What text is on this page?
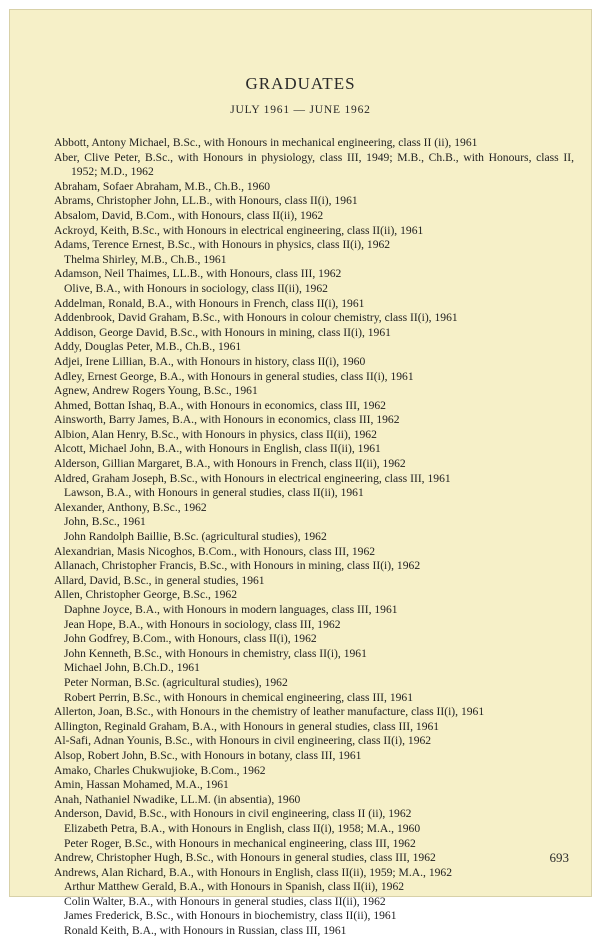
GRADUATES
JULY 1961 — JUNE 1962
Abbott, Antony Michael, B.Sc., with Honours in mechanical engineering, class II (ii), 1961
Aber, Clive Peter, B.Sc., with Honours in physiology, class III, 1949; M.B., Ch.B., with Honours, class II, 1952; M.D., 1962
Abraham, Sofaer Abraham, M.B., Ch.B., 1960
Abrams, Christopher John, LL.B., with Honours, class II(i), 1961
Absalom, David, B.Com., with Honours, class II(ii), 1962
Ackroyd, Keith, B.Sc., with Honours in electrical engineering, class II(ii), 1961
Adams, Terence Ernest, B.Sc., with Honours in physics, class II(i), 1962
Thelma Shirley, M.B., Ch.B., 1961
Adamson, Neil Thaimes, LL.B., with Honours, class III, 1962
Olive, B.A., with Honours in sociology, class II(ii), 1962
Addelman, Ronald, B.A., with Honours in French, class II(i), 1961
Addenbrook, David Graham, B.Sc., with Honours in colour chemistry, class II(i), 1961
Addison, George David, B.Sc., with Honours in mining, class II(i), 1961
Addy, Douglas Peter, M.B., Ch.B., 1961
Adjei, Irene Lillian, B.A., with Honours in history, class II(i), 1960
Adley, Ernest George, B.A., with Honours in general studies, class II(i), 1961
Agnew, Andrew Rogers Young, B.Sc., 1961
Ahmed, Bottan Ishaq, B.A., with Honours in economics, class III, 1962
Ainsworth, Barry James, B.A., with Honours in economics, class III, 1962
Albion, Alan Henry, B.Sc., with Honours in physics, class II(ii), 1962
Alcott, Michael John, B.A., with Honours in English, class II(ii), 1961
Alderson, Gillian Margaret, B.A., with Honours in French, class II(ii), 1962
Aldred, Graham Joseph, B.Sc., with Honours in electrical engineering, class III, 1961
Lawson, B.A., with Honours in general studies, class II(ii), 1961
Alexander, Anthony, B.Sc., 1962
John, B.Sc., 1961
John Randolph Baillie, B.Sc. (agricultural studies), 1962
Alexandrian, Masis Nicoghos, B.Com., with Honours, class III, 1962
Allanach, Christopher Francis, B.Sc., with Honours in mining, class II(i), 1962
Allard, David, B.Sc., in general studies, 1961
Allen, Christopher George, B.Sc., 1962
Daphne Joyce, B.A., with Honours in modern languages, class III, 1961
Jean Hope, B.A., with Honours in sociology, class III, 1962
John Godfrey, B.Com., with Honours, class II(i), 1962
John Kenneth, B.Sc., with Honours in chemistry, class II(i), 1961
Michael John, B.Ch.D., 1961
Peter Norman, B.Sc. (agricultural studies), 1962
Robert Perrin, B.Sc., with Honours in chemical engineering, class III, 1961
Allerton, Joan, B.Sc., with Honours in the chemistry of leather manufacture, class II(i), 1961
Allington, Reginald Graham, B.A., with Honours in general studies, class III, 1961
Al-Safi, Adnan Younis, B.Sc., with Honours in civil engineering, class II(i), 1962
Alsop, Robert John, B.Sc., with Honours in botany, class III, 1961
Amako, Charles Chukwujioke, B.Com., 1962
Amin, Hassan Mohamed, M.A., 1961
Anah, Nathaniel Nwadike, LL.M. (in absentia), 1960
Anderson, David, B.Sc., with Honours in civil engineering, class II (ii), 1962
Elizabeth Petra, B.A., with Honours in English, class II(i), 1958; M.A., 1960
Peter Roger, B.Sc., with Honours in mechanical engineering, class III, 1962
Andrew, Christopher Hugh, B.Sc., with Honours in general studies, class III, 1962
Andrews, Alan Richard, B.A., with Honours in English, class II(ii), 1959; M.A., 1962
Arthur Matthew Gerald, B.A., with Honours in Spanish, class II(ii), 1962
Colin Walter, B.A., with Honours in general studies, class II(ii), 1962
James Frederick, B.Sc., with Honours in biochemistry, class II(ii), 1961
Ronald Keith, B.A., with Honours in Russian, class III, 1961
693
